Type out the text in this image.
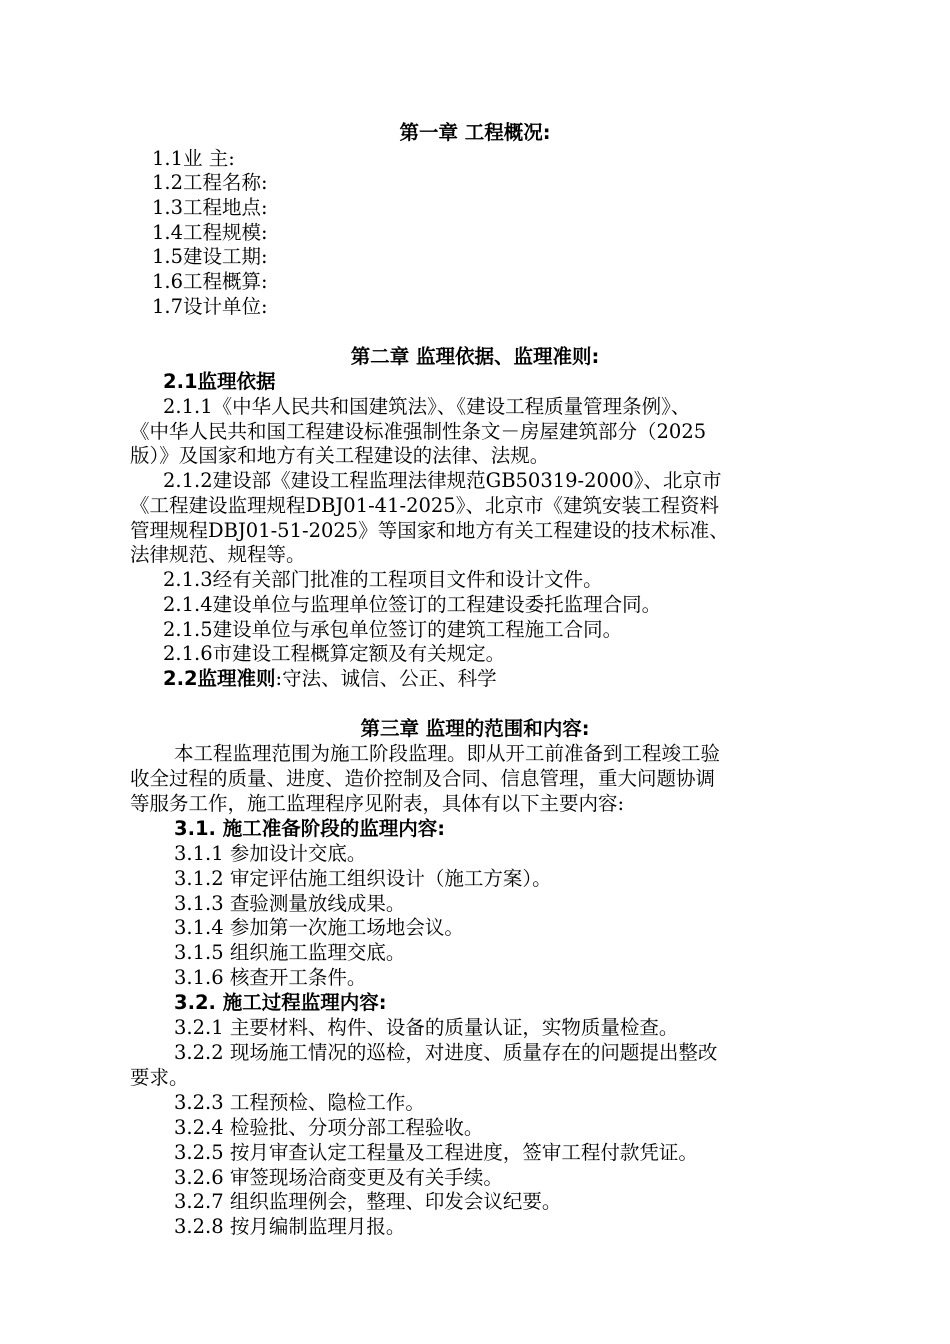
第一章 工程概况:
1.1业 主:
1.2工程名称:
1.3工程地点:
1.4工程规模:
1.5建设工期:
1.6工程概算:
1.7设计单位:
第二章 监理依据、监理准则:
2.1监理依据
2.1.1《中华人民共和国建筑法》、《建设工程质量管理条例》、
《中华人民共和国工程建设标准强制性条文－房屋建筑部分（2025
版）》及国家和地方有关工程建设的法律、法规。
2.1.2建设部《建设工程监理法律规范GB50319-2000》、北京市
《工程建设监理规程DBJ01-41-2025》、北京市《建筑安装工程资料
管理规程DBJ01-51-2025》等国家和地方有关工程建设的技术标准、
法律规范、规程等。
2.1.3经有关部门批准的工程项目文件和设计文件。
2.1.4建设单位与监理单位签订的工程建设委托监理合同。
2.1.5建设单位与承包单位签订的建筑工程施工合同。
2.1.6市建设工程概算定额及有关规定。
2.2监理准则:守法、诚信、公正、科学
第三章 监理的范围和内容:
本工程监理范围为施工阶段监理。即从开工前准备到工程竣工验
收全过程的质量、进度、造价控制及合同、信息管理，重大问题协调
等服务工作，施工监理程序见附表，具体有以下主要内容:
3.1. 施工准备阶段的监理内容:
3.1.1 参加设计交底。
3.1.2 审定评估施工组织设计（施工方案）。
3.1.3 查验测量放线成果。
3.1.4 参加第一次施工场地会议。
3.1.5 组织施工监理交底。
3.1.6 核查开工条件。
3.2. 施工过程监理内容:
3.2.1 主要材料、构件、设备的质量认证，实物质量检查。
3.2.2 现场施工情况的巡检，对进度、质量存在的问题提出整改
要求。
3.2.3 工程预检、隐检工作。
3.2.4 检验批、分项分部工程验收。
3.2.5 按月审查认定工程量及工程进度，签审工程付款凭证。
3.2.6 审签现场洽商变更及有关手续。
3.2.7 组织监理例会，整理、印发会议纪要。
3.2.8 按月编制监理月报。
